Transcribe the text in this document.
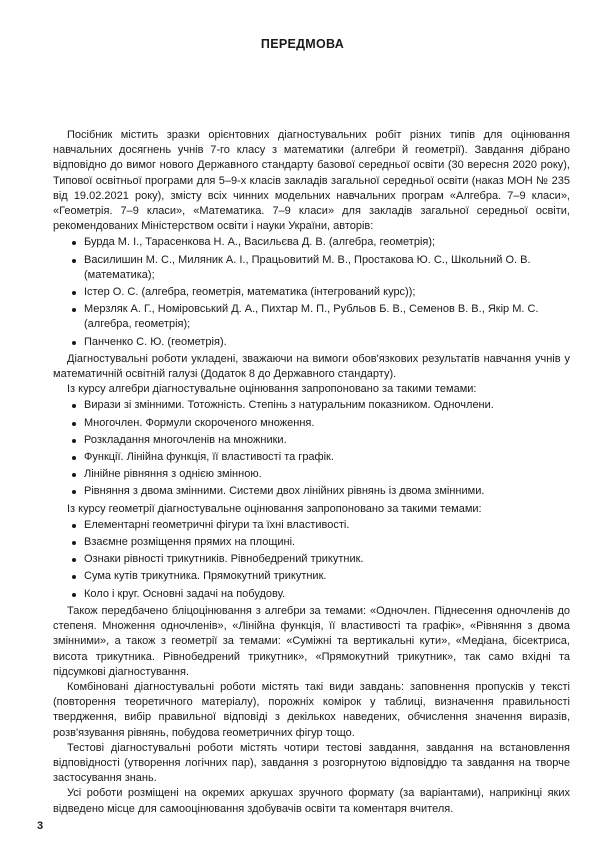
ПЕРЕДМОВА

Посібник містить зразки орієнтовних діагностувальних робіт різних типів для оцінювання навчальних досягнень учнів 7-го класу з математики (алгебри й геометрії). Завдання дібрано відповідно до вимог нового Державного стандарту базової середньої освіти (30 вересня 2020 року), Типової освітньої програми для 5–9-х класів закладів загальної середньої освіти (наказ МОН № 235 від 19.02.2021 року), змісту всіх чинних модельних навчальних програм «Алгебра. 7–9 класи», «Геометрія. 7–9 класи», «Математика. 7–9 класи» для закладів загальної середньої освіти, рекомендованих Міністерством освіти і науки України, авторів:

Бурда М. І., Тарасенкова Н. А., Васильєва Д. В. (алгебра, геометрія);
Василишин М. С., Миляник А. І., Працьовитий М. В., Простакова Ю. С., Школьний О. В. (математика);
Істер О. С. (алгебра, геометрія, математика (інтегрований курс));
Мерзляк А. Г., Номіровський Д. А., Пихтар М. П., Рубльов Б. В., Семенов В. В., Якір М. С. (алгебра, геометрія);
Панченко С. Ю. (геометрія).

Діагностувальні роботи укладені, зважаючи на вимоги обов'язкових результатів навчання учнів у математичній освітній галузі (Додаток 8 до Державного стандарту).

Із курсу алгебри діагностувальне оцінювання запропоновано за такими темами:

Вирази зі змінними. Тотожність. Степінь з натуральним показником. Одночлени.
Многочлен. Формули скороченого множення.
Розкладання многочленів на множники.
Функції. Лінійна функція, її властивості та графік.
Лінійне рівняння з однією змінною.
Рівняння з двома змінними. Системи двох лінійних рівнянь із двома змінними.

Із курсу геометрії діагностувальне оцінювання запропоновано за такими темами:

Елементарні геометричні фігури та їхні властивості.
Взаємне розміщення прямих на площині.
Ознаки рівності трикутників. Рівнобедрений трикутник.
Сума кутів трикутника. Прямокутний трикутник.
Коло і круг. Основні задачі на побудову.

Також передбачено бліцоцінювання з алгебри за темами: «Одночлен. Піднесення одночленів до степеня. Множення одночленів», «Лінійна функція, її властивості та графік», «Рівняння з двома змінними», а також з геометрії за темами: «Суміжні та вертикальні кути», «Медіана, бісектриса, висота трикутника. Рівнобедрений трикутник», «Прямокутний трикутник», так само вхідні та підсумкові діагностування.

Комбіновані діагностувальні роботи містять такі види завдань: заповнення пропусків у тексті (повторення теоретичного матеріалу), порожніх комірок у таблиці, визначення правильності твердження, вибір правильної відповіді з декількох наведених, обчислення значення виразів, розв'язування рівнянь, побудова геометричних фігур тощо.

Тестові діагностувальні роботи містять чотири тестові завдання, завдання на встановлення відповідності (утворення логічних пар), завдання з розгорнутою відповіддю та завдання на творче застосування знань.

Усі роботи розміщені на окремих аркушах зручного формату (за варіантами), наприкінці яких відведено місце для самооцінювання здобувачів освіти та коментаря вчителя.

3
